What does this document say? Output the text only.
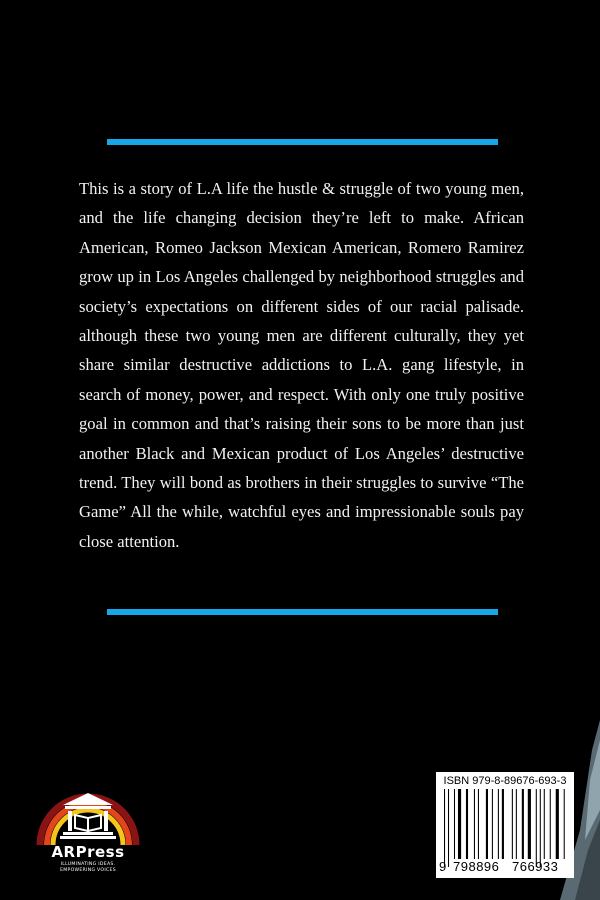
This is a story of L.A life the hustle & struggle of two young men, and the life changing decision they’re left to make. African American, Romeo Jackson Mexican American, Romero Ramirez grow up in Los Angeles challenged by neighborhood struggles and society’s expectations on different sides of our racial palisade. although these two young men are different culturally, they yet share similar destructive addictions to L.A. gang lifestyle, in search of money, power, and respect. With only one truly positive goal in common and that’s raising their sons to be more than just another Black and Mexican product of Los Angeles’ destructive trend. They will bond as brothers in their struggles to survive “The Game” All the while, watchful eyes and impressionable souls pay close attention.

ARPress
ILLUMINATING IDEAS.
EMPOWERING VOICES
ISBN 979-8-89676-693-3
9 798896 766933
